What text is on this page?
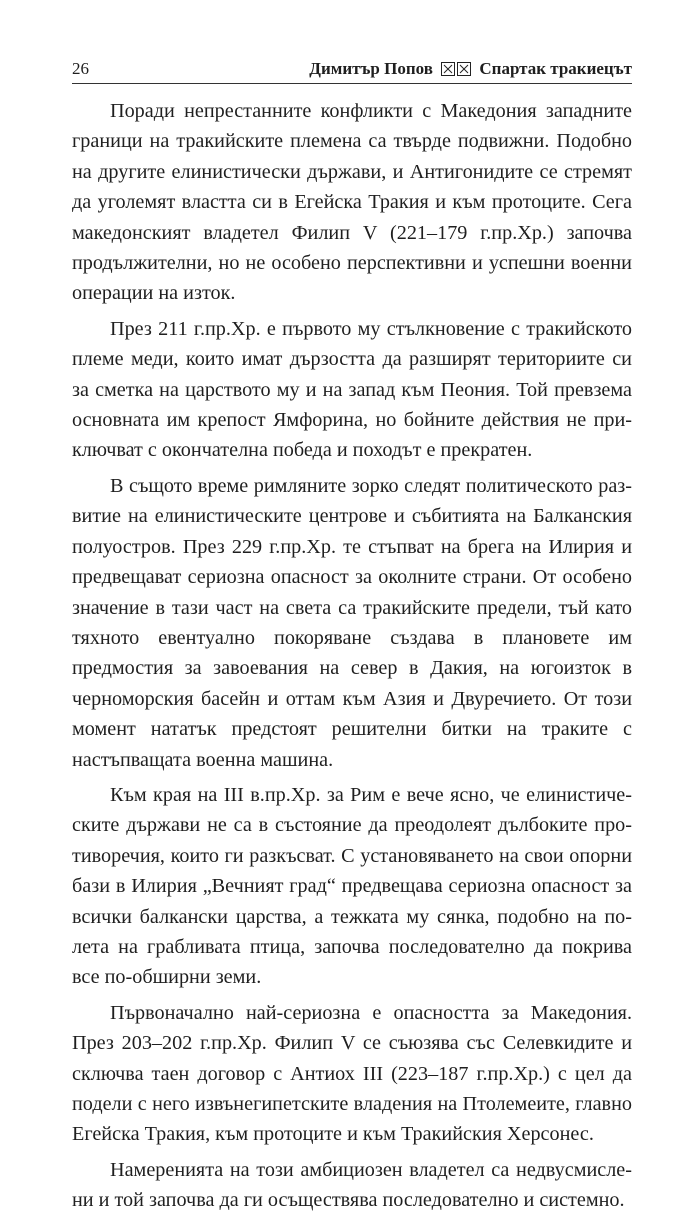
26	Димитър Попов	Спартак тракиецът

Поради непрестанните конфликти с Македония западните граници на тракийските племена са твърде подвижни. Подобно на другите елинистически държави, и Антигонидите се стремят да уголемят властта си в Егейска Тракия и към протоците. Сега македонският владетел Филип V (221–179 г.пр.Хр.) започва продължителни, но не особено перспективни и успешни военни операции на изток.

През 211 г.пр.Хр. е първото му стълкновение с тракийското племе меди, които имат дързостта да разширят териториите си за сметка на царството му и на запад към Пеония. Той превзема основната им крепост Ямфорина, но бойните действия не приключват с окончателна победа и походът е прекратен.

В същото време римляните зорко следят политическото развитие на елинистическите центрове и събитията на Балканския полуостров. През 229 г.пр.Хр. те стъпват на брега на Илирия и предвещават сериозна опасност за околните страни. От особено значение в тази част на света са тракийските предели, тъй като тяхното евентуално покоряване създава в плановете им предмостия за завоевания на север в Дакия, на югоизток в черноморския басейн и оттам към Азия и Двуречието. От този момент нататък предстоят решителни битки на траките с настъпващата военна машина.

Към края на III в.пр.Хр. за Рим е вече ясно, че елинистическите държави не са в състояние да преодолеят дълбоките противоречия, които ги разкъсват. С установяването на свои опорни бази в Илирия „Вечният град“ предвещава сериозна опасност за всички балкански царства, а тежката му сянка, подобно на полета на грабливата птица, започва последователно да покрива все по-обширни земи.

Първоначално най-сериозна е опасността за Македония. През 203–202 г.пр.Хр. Филип V се съюзява със Селевкидите и сключва таен договор с Антиох III (223–187 г.пр.Хр.) с цел да подели с него извънегипетските владения на Птолемеите, главно Егейска Тракия, към протоците и към Тракийския Херсонес.

Намеренията на този амбициозен владетел са недвусмислени и той започва да ги осъществява последователно и системно.
